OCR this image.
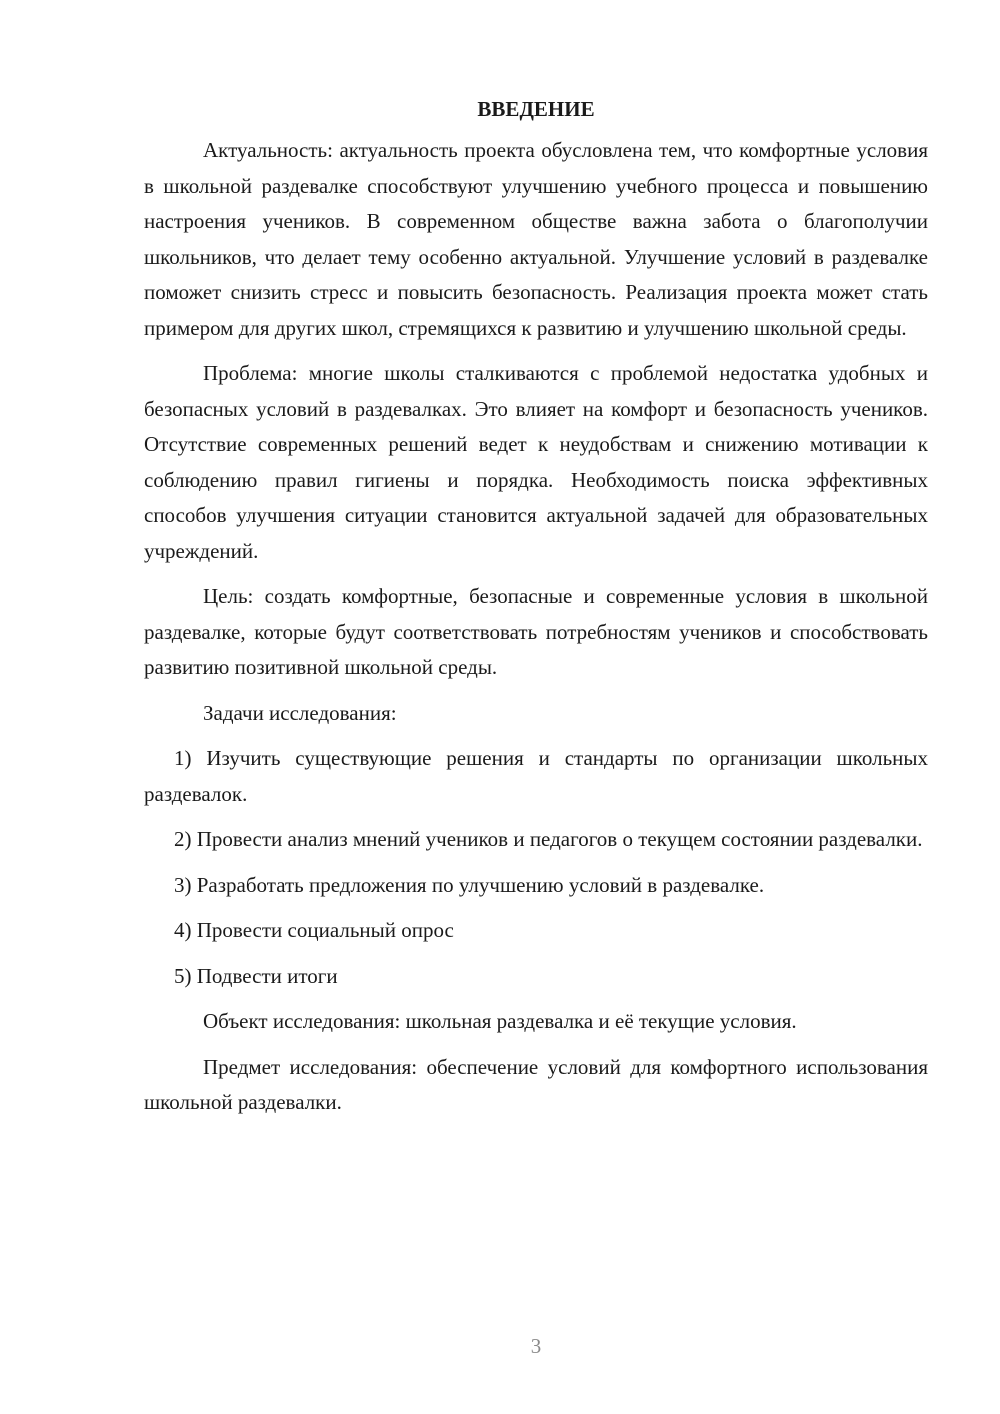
ВВЕДЕНИЕ

Актуальность: актуальность проекта обусловлена тем, что комфортные условия в школьной раздевалке способствуют улучшению учебного процесса и повышению настроения учеников. В современном обществе важна забота о благополучии школьников, что делает тему особенно актуальной. Улучшение условий в раздевалке поможет снизить стресс и повысить безопасность. Реализация проекта может стать примером для других школ, стремящихся к развитию и улучшению школьной среды.

Проблема: многие школы сталкиваются с проблемой недостатка удобных и безопасных условий в раздевалках. Это влияет на комфорт и безопасность учеников. Отсутствие современных решений ведет к неудобствам и снижению мотивации к соблюдению правил гигиены и порядка. Необходимость поиска эффективных способов улучшения ситуации становится актуальной задачей для образовательных учреждений.

Цель: создать комфортные, безопасные и современные условия в школьной раздевалке, которые будут соответствовать потребностям учеников и способствовать развитию позитивной школьной среды.

Задачи исследования:

1) Изучить существующие решения и стандарты по организации школьных раздевалок.

2) Провести анализ мнений учеников и педагогов о текущем состоянии раздевалки.

3) Разработать предложения по улучшению условий в раздевалке.

4) Провести социальный опрос

5) Подвести итоги

Объект исследования: школьная раздевалка и её текущие условия.

Предмет исследования: обеспечение условий для комфортного использования школьной раздевалки.

3
